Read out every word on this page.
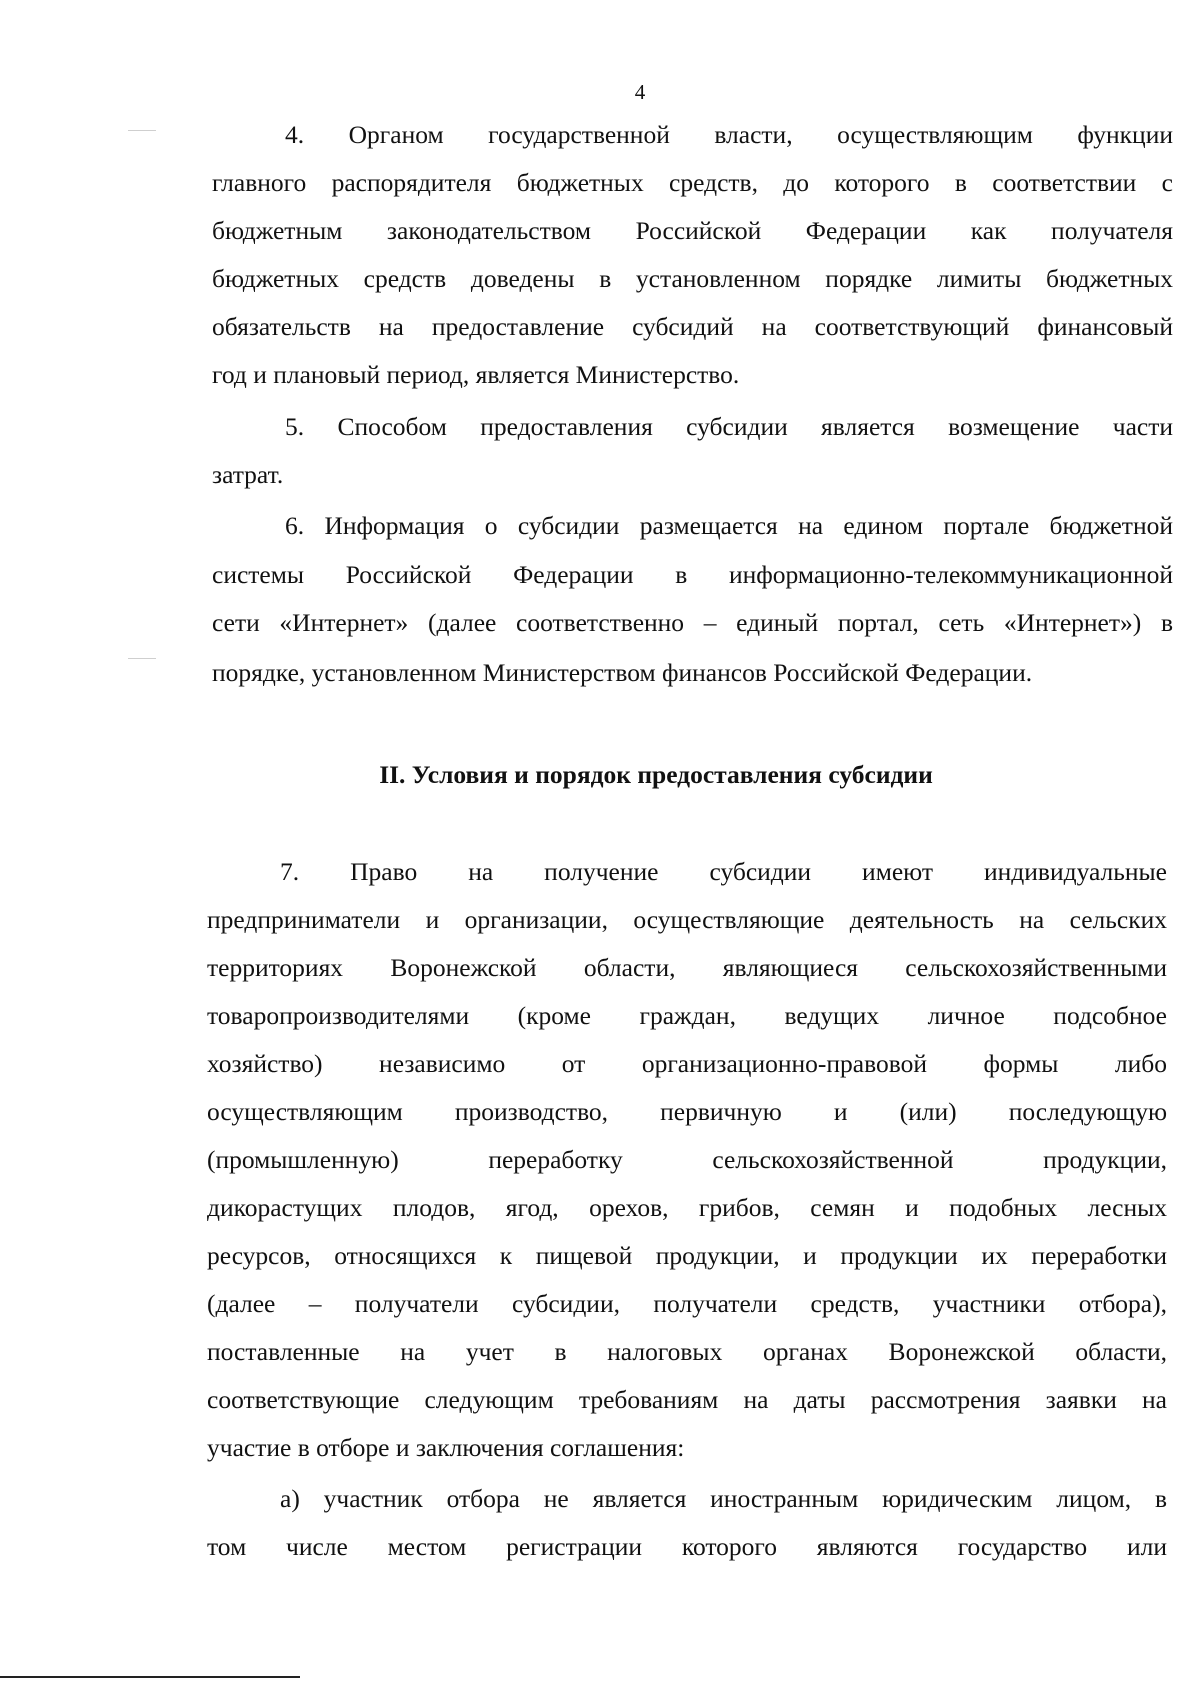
4
4. Органом государственной власти, осуществляющим функции
главного распорядителя бюджетных средств, до которого в соответствии с
бюджетным законодательством Российской Федерации как получателя
бюджетных средств доведены в установленном порядке лимиты бюджетных
обязательств на предоставление субсидий на соответствующий финансовый
год и плановый период, является Министерство.
5. Способом предоставления субсидии является возмещение части
затрат.
6. Информация о субсидии размещается на едином портале бюджетной
системы Российской Федерации в информационно-телекоммуникационной
сети «Интернет» (далее соответственно – единый портал, сеть «Интернет») в
порядке, установленном Министерством финансов Российской Федерации.
II. Условия и порядок предоставления субсидии
7. Право на получение субсидии имеют индивидуальные
предприниматели и организации, осуществляющие деятельность на сельских
территориях Воронежской области, являющиеся сельскохозяйственными
товаропроизводителями (кроме граждан, ведущих личное подсобное
хозяйство) независимо от организационно-правовой формы либо
осуществляющим производство, первичную и (или) последующую
(промышленную) переработку сельскохозяйственной продукции,
дикорастущих плодов, ягод, орехов, грибов, семян и подобных лесных
ресурсов, относящихся к пищевой продукции, и продукции их переработки
(далее – получатели субсидии, получатели средств, участники отбора),
поставленные на учет в налоговых органах Воронежской области,
соответствующие следующим требованиям на даты рассмотрения заявки на
участие в отборе и заключения соглашения:
а) участник отбора не является иностранным юридическим лицом, в
том числе местом регистрации которого являются государство или
